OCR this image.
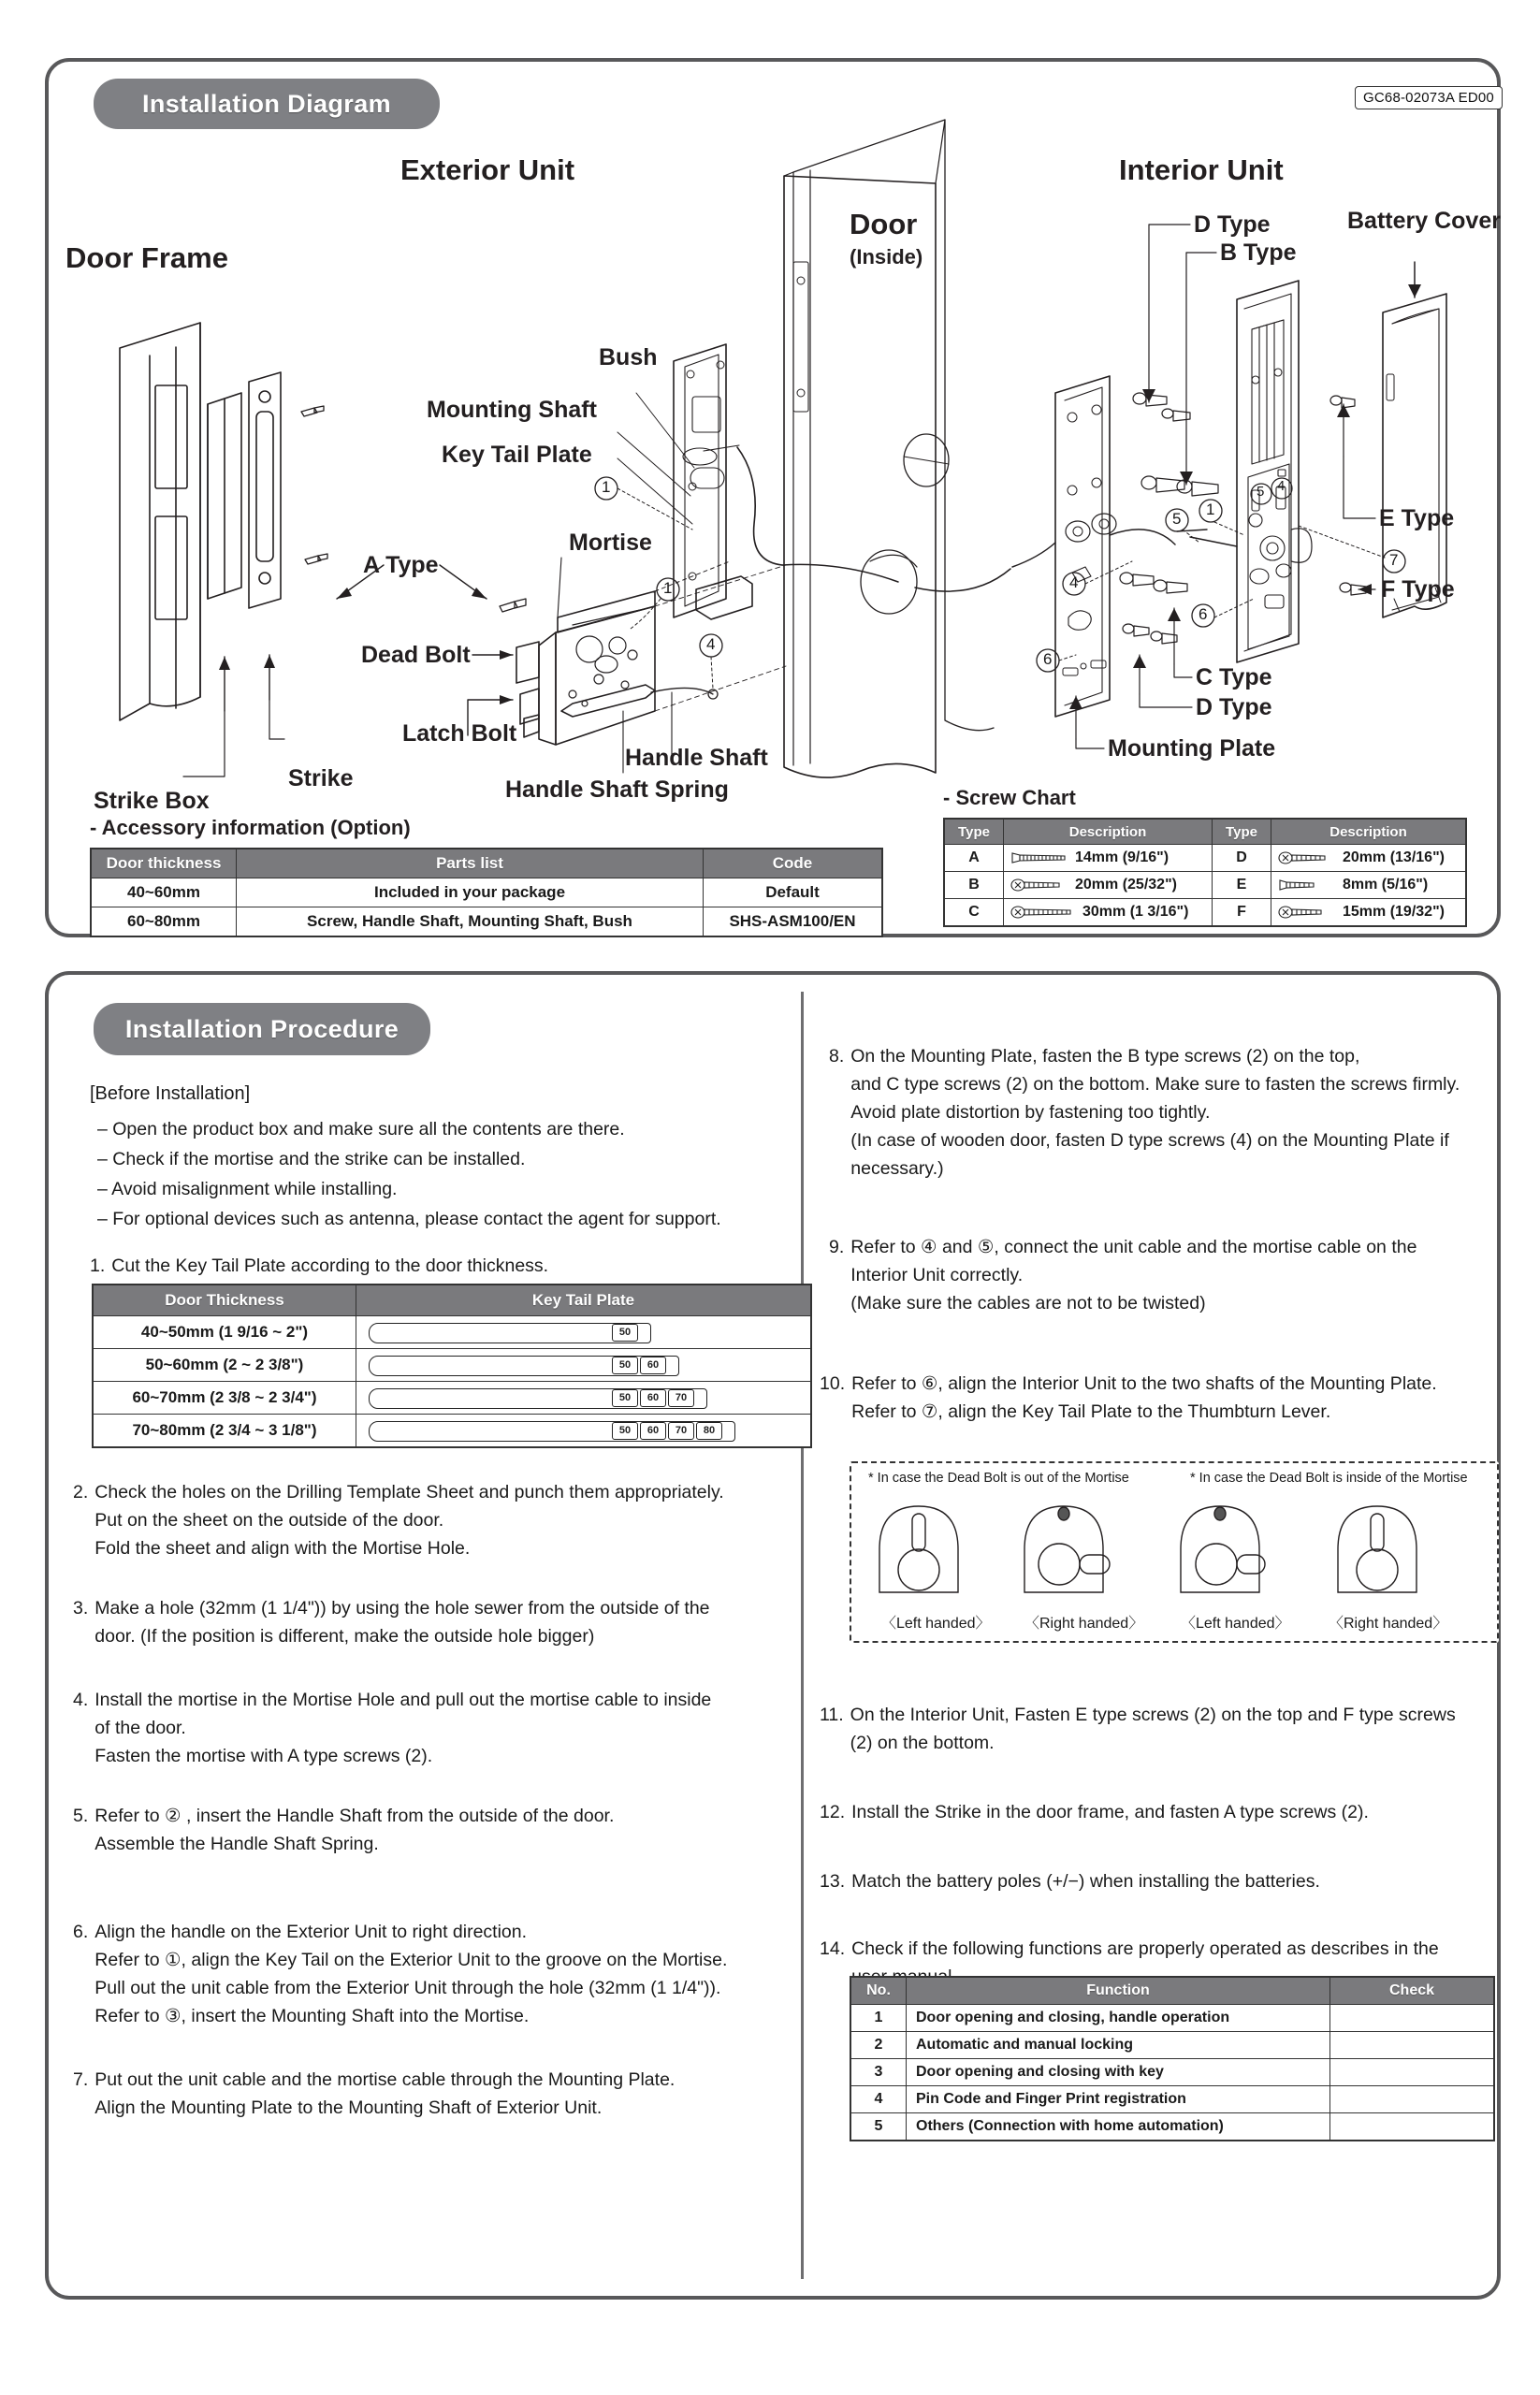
Installation Diagram	GC68-02073A ED00
Door Frame
Exterior Unit	Interior Unit
Door
(Inside)
Bush
Mounting Shaft
Key Tail Plate
Mortise
A Type
Dead Bolt
Latch Bolt
Handle Shaft
Handle Shaft Spring
Strike
Strike Box
D Type
B Type
Battery Cover
E Type
F Type
C Type
D Type
Mounting Plate
1
4
1
5
1
4
6
6
7
5 4
- Accessory information (Option)
Door thickness	Parts list	Code
40~60mm	Included in your package	Default
60~80mm	Screw, Handle Shaft, Mounting Shaft, Bush	SHS-ASM100/EN
- Screw Chart
Type	Description	Type	Description
A	14mm (9/16")	D	20mm (13/16")

B	20mm (25/32")	E	8mm (5/16")

C	30mm (1 3/16")	F	15mm (19/32")
Installation Procedure
[Before Installation]
– Open the product box and make sure all the contents are there.
– Check if the mortise and the strike can be installed.
– Avoid misalignment while installing.
– For optional devices such as antenna, please contact the agent for support.
1. Cut the Key Tail Plate according to the door thickness.
Door Thickness	Key Tail Plate
40~50mm (1 9/16 ~ 2")	50

50~60mm (2 ~ 2 3/8")	50 60

60~70mm (2 3/8 ~ 2 3/4")	50 60 70

70~80mm (2 3/4 ~ 3 1/8")	50 60 70 80
2. Check the holes on the Drilling Template Sheet and punch them appropriately.
Put on the sheet on the outside of the door.
Fold the sheet and align with the Mortise Hole.
3. Make a hole (32mm (1 1/4")) by using the hole sewer from the outside of the
door. (If the position is different, make the outside hole bigger)
4. Install the mortise in the Mortise Hole and pull out the mortise cable to inside
of the door.
Fasten the mortise with A type screws (2).
5. Refer to ② , insert the Handle Shaft from the outside of the door.
Assemble the Handle Shaft Spring.
6. Align the handle on the Exterior Unit to right direction.
Refer to ①, align the Key Tail on the Exterior Unit to the groove on the Mortise.
Pull out the unit cable from the Exterior Unit through the hole (32mm (1 1/4")).
Refer to ③, insert the Mounting Shaft into the Mortise.
7. Put out the unit cable and the mortise cable through the Mounting Plate.
Align the Mounting Plate to the Mounting Shaft of Exterior Unit.
8. On the Mounting Plate, fasten the B type screws (2) on the top,
and C type screws (2) on the bottom. Make sure to fasten the screws firmly.
Avoid plate distortion by fastening too tightly.
(In case of wooden door, fasten D type screws (4) on the Mounting Plate if
necessary.)
9. Refer to ④ and ⑤, connect the unit cable and the mortise cable on the
Interior Unit correctly.
(Make sure the cables are not to be twisted)
10. Refer to ⑥, align the Interior Unit to the two shafts of the Mounting Plate.
Refer to ⑦, align the Key Tail Plate to the Thumbturn Lever.
* In case the Dead Bolt is out of the Mortise	* In case the Dead Bolt is inside of the Mortise
〈Left handed〉 〈Right handed〉 〈Left handed〉	〈Right handed〉
11. On the Interior Unit, Fasten E type screws (2) on the top and F type screws
(2) on the bottom.
12. Install the Strike in the door frame, and fasten A type screws (2).
13. Match the battery poles (+/−) when installing the batteries.
14. Check if the following functions are properly operated as describes in the
No.	Function	Check
1	Door opening and closing, handle operation	
2	Automatic and manual locking	
3	Door opening and closing with key	
4	Pin Code and Finger Print registration	
5	Others (Connection with home automation)	
